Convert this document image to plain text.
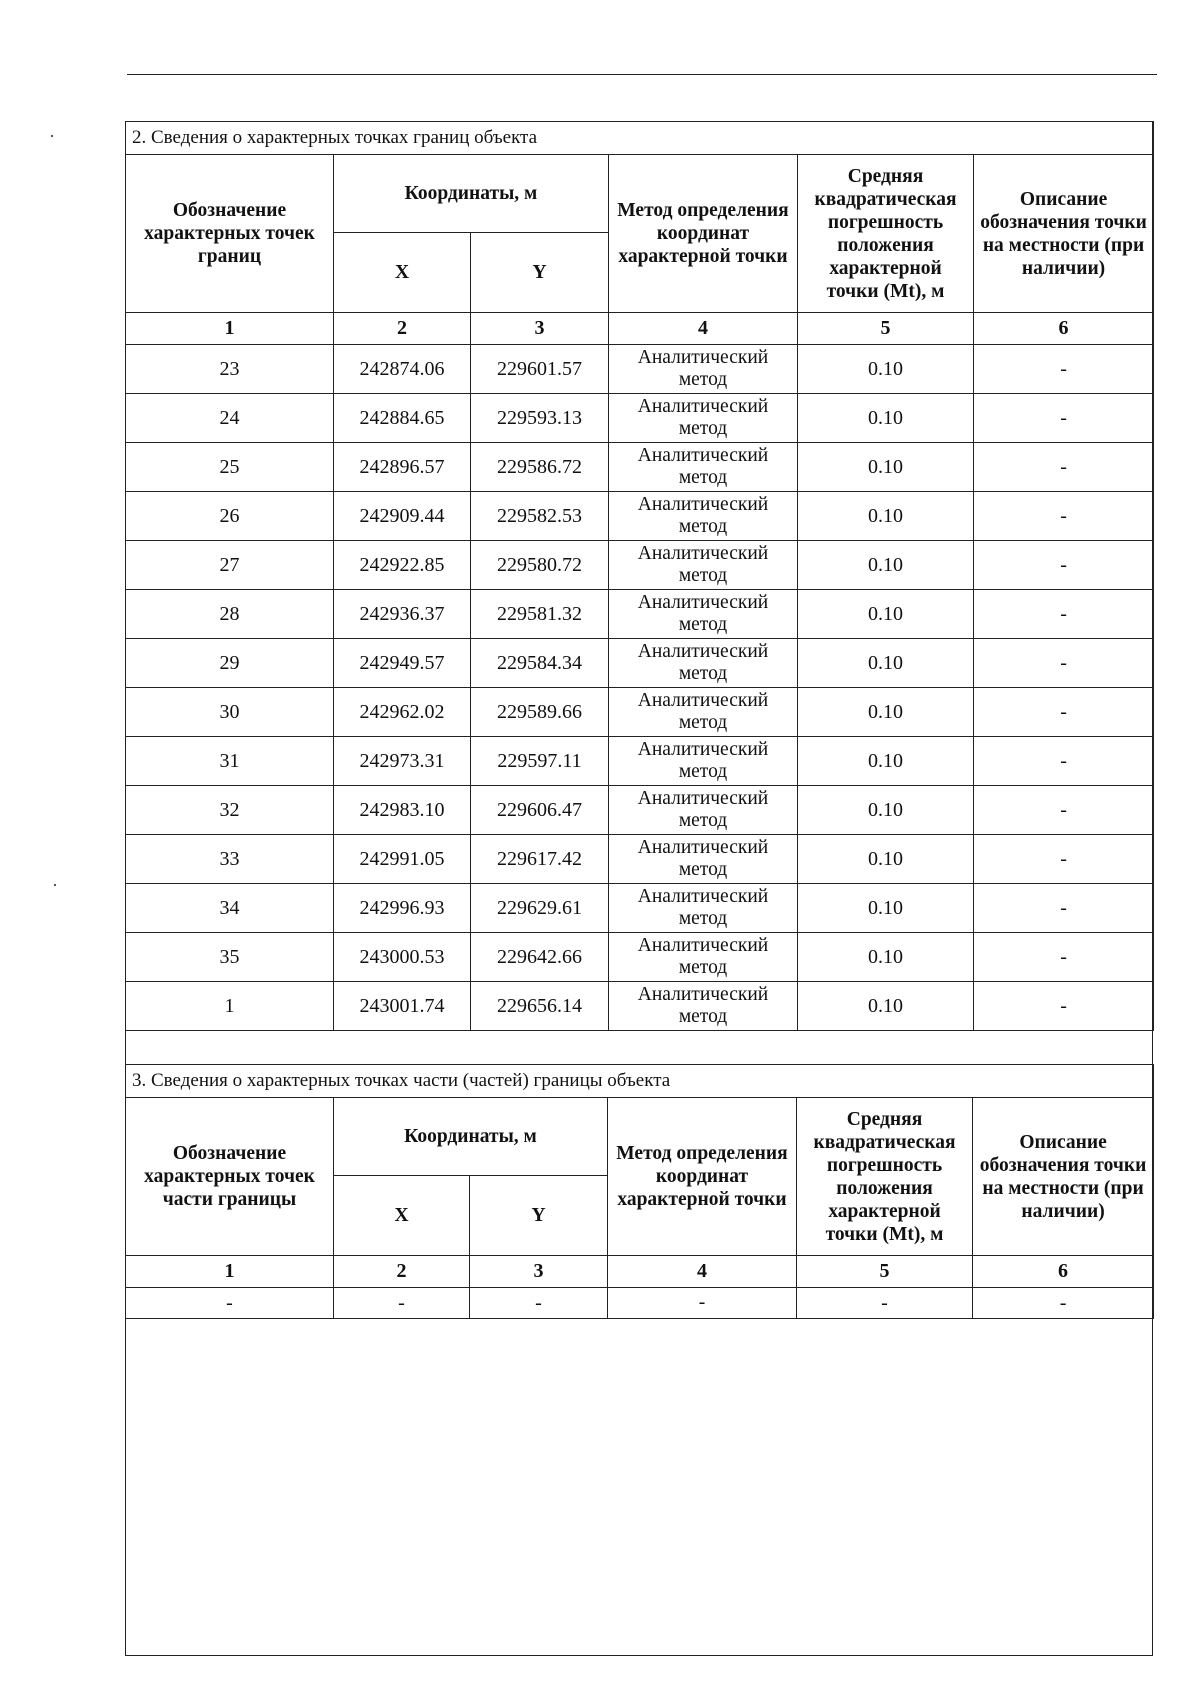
2. Сведения о характерных точках границ объекта					
Обозначение характерных точек границ	Координаты, м		Метод определения координат характерной точки	Средняя квадратическая погрешность положения характерной точки (Mt), м	Описание обозначения точки на местности (при наличии)
	X	Y			
1	2	3	4	5	6
23	242874.06	229601.57	Аналитический метод	0.10	-
24	242884.65	229593.13	Аналитический метод	0.10	-
25	242896.57	229586.72	Аналитический метод	0.10	-
26	242909.44	229582.53	Аналитический метод	0.10	-
27	242922.85	229580.72	Аналитический метод	0.10	-
28	242936.37	229581.32	Аналитический метод	0.10	-
29	242949.57	229584.34	Аналитический метод	0.10	-
30	242962.02	229589.66	Аналитический метод	0.10	-
31	242973.31	229597.11	Аналитический метод	0.10	-
32	242983.10	229606.47	Аналитический метод	0.10	-
33	242991.05	229617.42	Аналитический метод	0.10	-
34	242996.93	229629.61	Аналитический метод	0.10	-
35	243000.53	229642.66	Аналитический метод	0.10	-
1	243001.74	229656.14	Аналитический метод	0.10	-
3. Сведения о характерных точках части (частей) границы объекта					
Обозначение характерных точек части границы	Координаты, м		Метод определения координат характерной точки	Средняя квадратическая погрешность положения характерной точки (Mt), м	Описание обозначения точки на местности (при наличии)
	X	Y			
1	2	3	4	5	6
-	-	-	-	-	-
